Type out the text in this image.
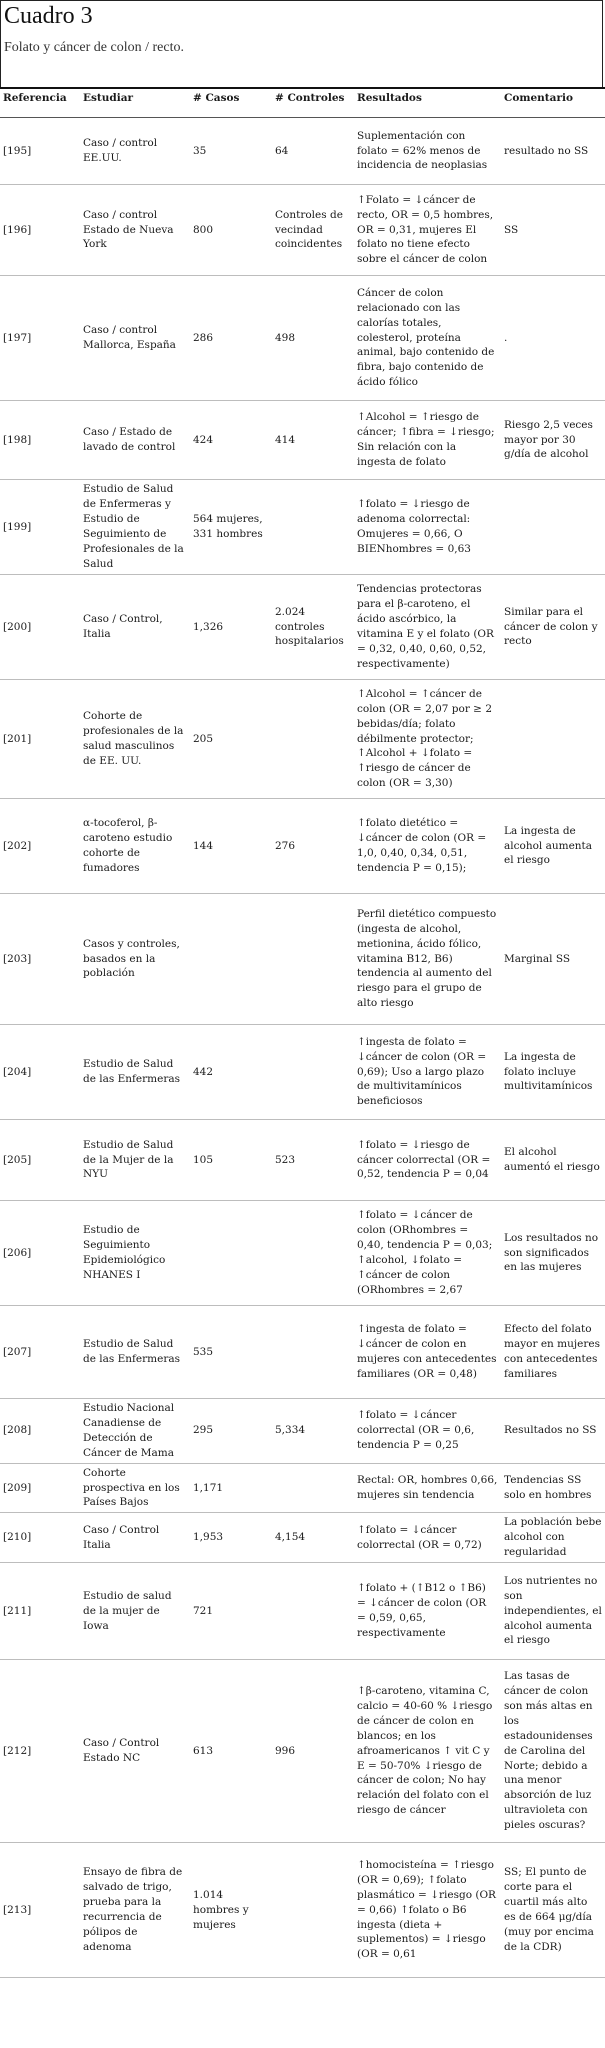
Cuadro 3
Folato y cáncer de colon / recto.
Referencia	Estudiar	# Casos	# Controles	Resultados	Comentario
[195]	Caso / control EE.UU.	35	64	Suplementación con folato = 62% menos de incidencia de neoplasias	resultado no SS
[196]	Caso / control Estado de Nueva York	800	Controles de vecindad coincidentes	↑Folato = ↓cáncer de recto, OR = 0,5 hombres, OR = 0,31, mujeres El folato no tiene efecto sobre el cáncer de colon	SS
[197]	Caso / control Mallorca, España	286	498	Cáncer de colon relacionado con las calorías totales, colesterol, proteína animal, bajo contenido de fibra, bajo contenido de ácido fólico	.
[198]	Caso / Estado de lavado de control	424	414	↑Alcohol = ↑riesgo de cáncer; ↑fibra = ↓riesgo; Sin relación con la ingesta de folato	Riesgo 2,5 veces mayor por 30 g/día de alcohol
[199]	Estudio de Salud de Enfermeras y Estudio de Seguimiento de Profesionales de la Salud	564 mujeres, 331 hombres		↑folato = ↓riesgo de adenoma colorrectal: Omujeres = 0,66, O BIENhombres = 0,63	
[200]	Caso / Control, Italia	1,326	2.024 controles hospitalarios	Tendencias protectoras para el β-caroteno, el ácido ascórbico, la vitamina E y el folato (OR = 0,32, 0,40, 0,60, 0,52, respectivamente)	Similar para el cáncer de colon y recto
[201]	Cohorte de profesionales de la salud masculinos de EE. UU.	205		↑Alcohol = ↑cáncer de colon (OR = 2,07 por ≥ 2 bebidas/día; folato débilmente protector; ↑Alcohol + ↓folato = ↑riesgo de cáncer de colon (OR = 3,30)	
[202]	α-tocoferol, β-caroteno estudio cohorte de fumadores	144	276	↑folato dietético = ↓cáncer de colon (OR = 1,0, 0,40, 0,34, 0,51, tendencia P = 0,15);	La ingesta de alcohol aumenta el riesgo
[203]	Casos y controles, basados en la población			Perfil dietético compuesto (ingesta de alcohol, metionina, ácido fólico, vitamina B12, B6) tendencia al aumento del riesgo para el grupo de alto riesgo	Marginal SS
[204]	Estudio de Salud de las Enfermeras	442		↑ingesta de folato = ↓cáncer de colon (OR = 0,69); Uso a largo plazo de multivitamínicos beneficiosos	La ingesta de folato incluye multivitamínicos
[205]	Estudio de Salud de la Mujer de la NYU	105	523	↑folato = ↓riesgo de cáncer colorrectal (OR = 0,52, tendencia P = 0,04	El alcohol aumentó el riesgo
[206]	Estudio de Seguimiento Epidemiológico NHANES I			↑folato = ↓cáncer de colon (ORhombres = 0,40, tendencia P = 0,03; ↑alcohol, ↓folato = ↑cáncer de colon (ORhombres = 2,67	Los resultados no son significados en las mujeres
[207]	Estudio de Salud de las Enfermeras	535		↑ingesta de folato = ↓cáncer de colon en mujeres con antecedentes familiares (OR = 0,48)	Efecto del folato mayor en mujeres con antecedentes familiares
[208]	Estudio Nacional Canadiense de Detección de Cáncer de Mama	295	5,334	↑folato = ↓cáncer colorrectal (OR = 0,6, tendencia P = 0,25	Resultados no SS
[209]	Cohorte prospectiva en los Países Bajos	1,171		Rectal: OR, hombres 0,66, mujeres sin tendencia	Tendencias SS solo en hombres
[210]	Caso / Control Italia	1,953	4,154	↑folato = ↓cáncer colorrectal (OR = 0,72)	La población bebe alcohol con regularidad
[211]	Estudio de salud de la mujer de Iowa	721		↑folato + (↑B12 o ↑B6) = ↓cáncer de colon (OR = 0,59, 0,65, respectivamente	Los nutrientes no son independientes, el alcohol aumenta el riesgo
[212]	Caso / Control Estado NC	613	996	↑β-caroteno, vitamina C, calcio = 40-60 % ↓riesgo de cáncer de colon en blancos; en los afroamericanos ↑ vit C y E = 50-70% ↓riesgo de cáncer de colon; No hay relación del folato con el riesgo de cáncer	Las tasas de cáncer de colon son más altas en los estadounidenses de Carolina del Norte; debido a una menor absorción de luz ultravioleta con pieles oscuras?
[213]	Ensayo de fibra de salvado de trigo, prueba para la recurrencia de pólipos de adenoma	1.014 hombres y mujeres		↑homocisteína = ↑riesgo (OR = 0,69); ↑folato plasmático = ↓riesgo (OR = 0,66) ↑folato o B6 ingesta (dieta + suplementos) = ↓riesgo (OR = 0,61	SS; El punto de corte para el cuartil más alto es de 664 μg/día (muy por encima de la CDR)
